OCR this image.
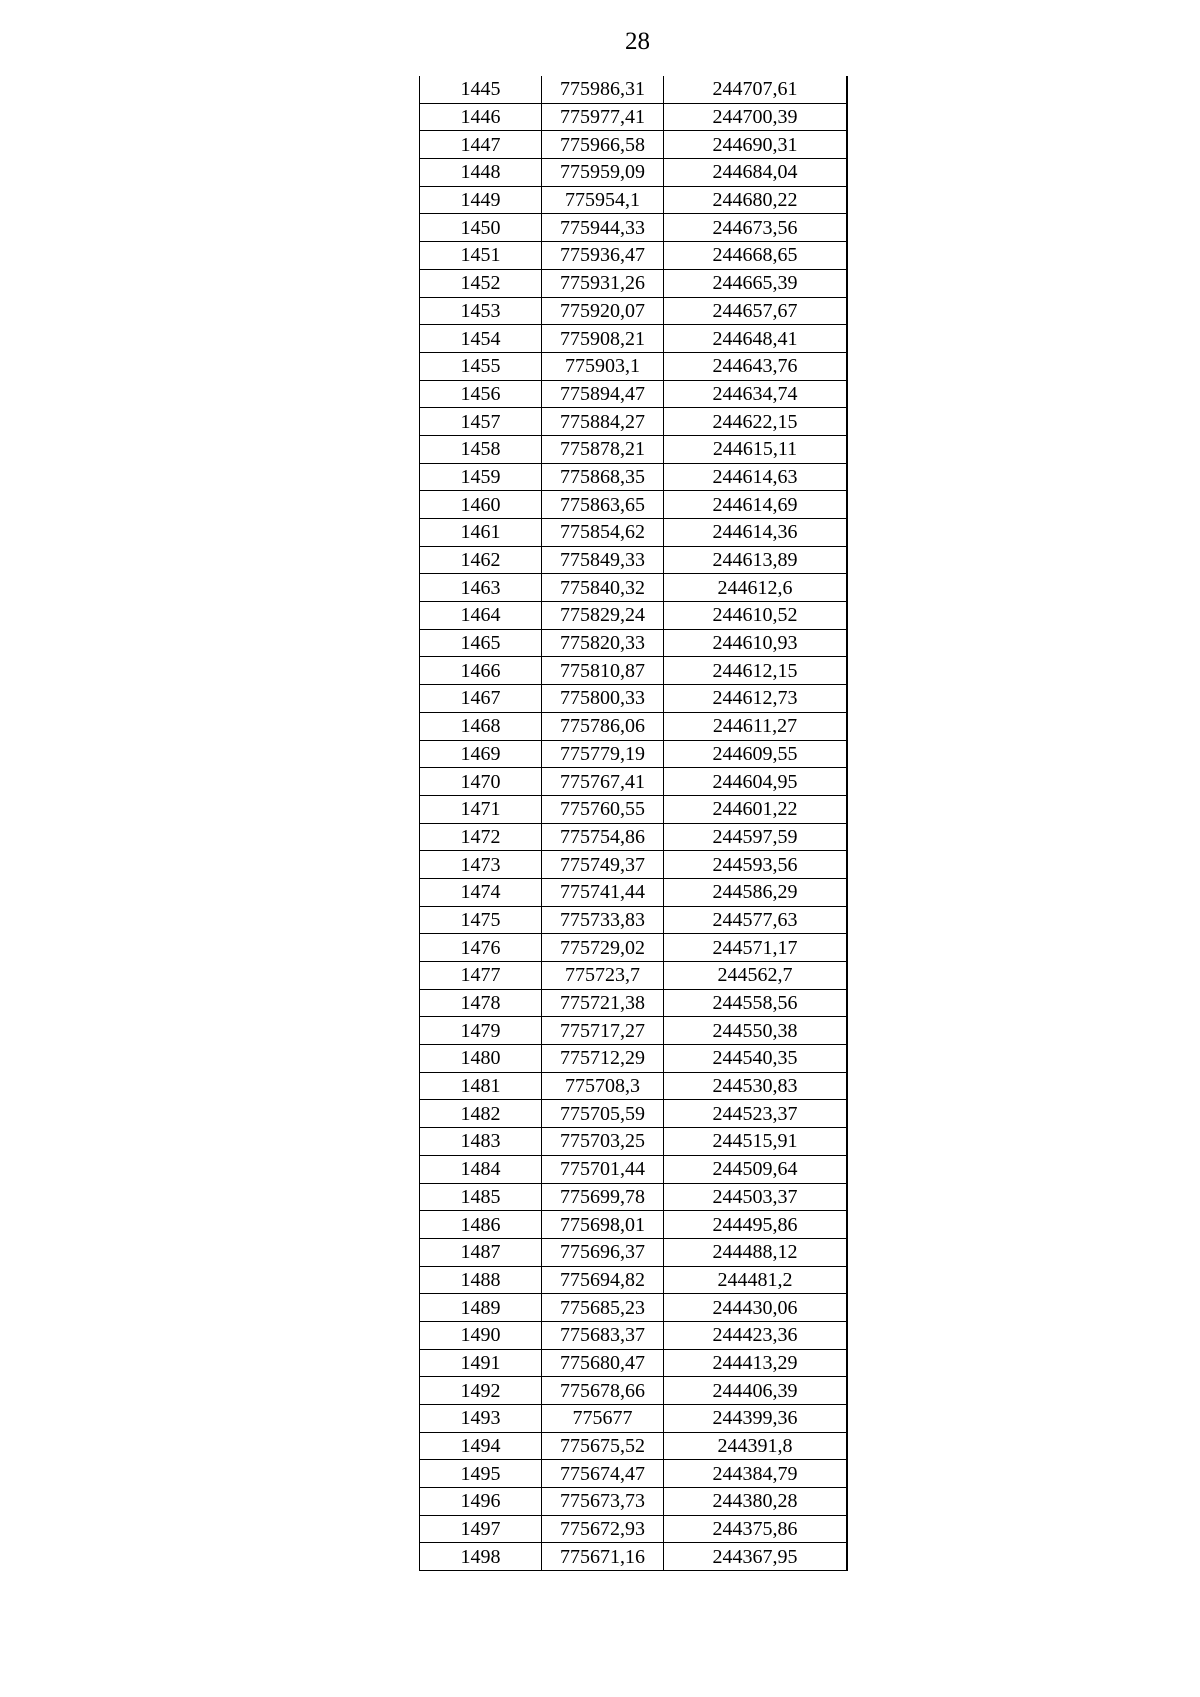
28
1445	775986,31	244707,61
1446	775977,41	244700,39
1447	775966,58	244690,31
1448	775959,09	244684,04
1449	775954,1	244680,22
1450	775944,33	244673,56
1451	775936,47	244668,65
1452	775931,26	244665,39
1453	775920,07	244657,67
1454	775908,21	244648,41
1455	775903,1	244643,76
1456	775894,47	244634,74
1457	775884,27	244622,15
1458	775878,21	244615,11
1459	775868,35	244614,63
1460	775863,65	244614,69
1461	775854,62	244614,36
1462	775849,33	244613,89
1463	775840,32	244612,6
1464	775829,24	244610,52
1465	775820,33	244610,93
1466	775810,87	244612,15
1467	775800,33	244612,73
1468	775786,06	244611,27
1469	775779,19	244609,55
1470	775767,41	244604,95
1471	775760,55	244601,22
1472	775754,86	244597,59
1473	775749,37	244593,56
1474	775741,44	244586,29
1475	775733,83	244577,63
1476	775729,02	244571,17
1477	775723,7	244562,7
1478	775721,38	244558,56
1479	775717,27	244550,38
1480	775712,29	244540,35
1481	775708,3	244530,83
1482	775705,59	244523,37
1483	775703,25	244515,91
1484	775701,44	244509,64
1485	775699,78	244503,37
1486	775698,01	244495,86
1487	775696,37	244488,12
1488	775694,82	244481,2
1489	775685,23	244430,06
1490	775683,37	244423,36
1491	775680,47	244413,29
1492	775678,66	244406,39
1493	775677	244399,36
1494	775675,52	244391,8
1495	775674,47	244384,79
1496	775673,73	244380,28
1497	775672,93	244375,86
1498	775671,16	244367,95
